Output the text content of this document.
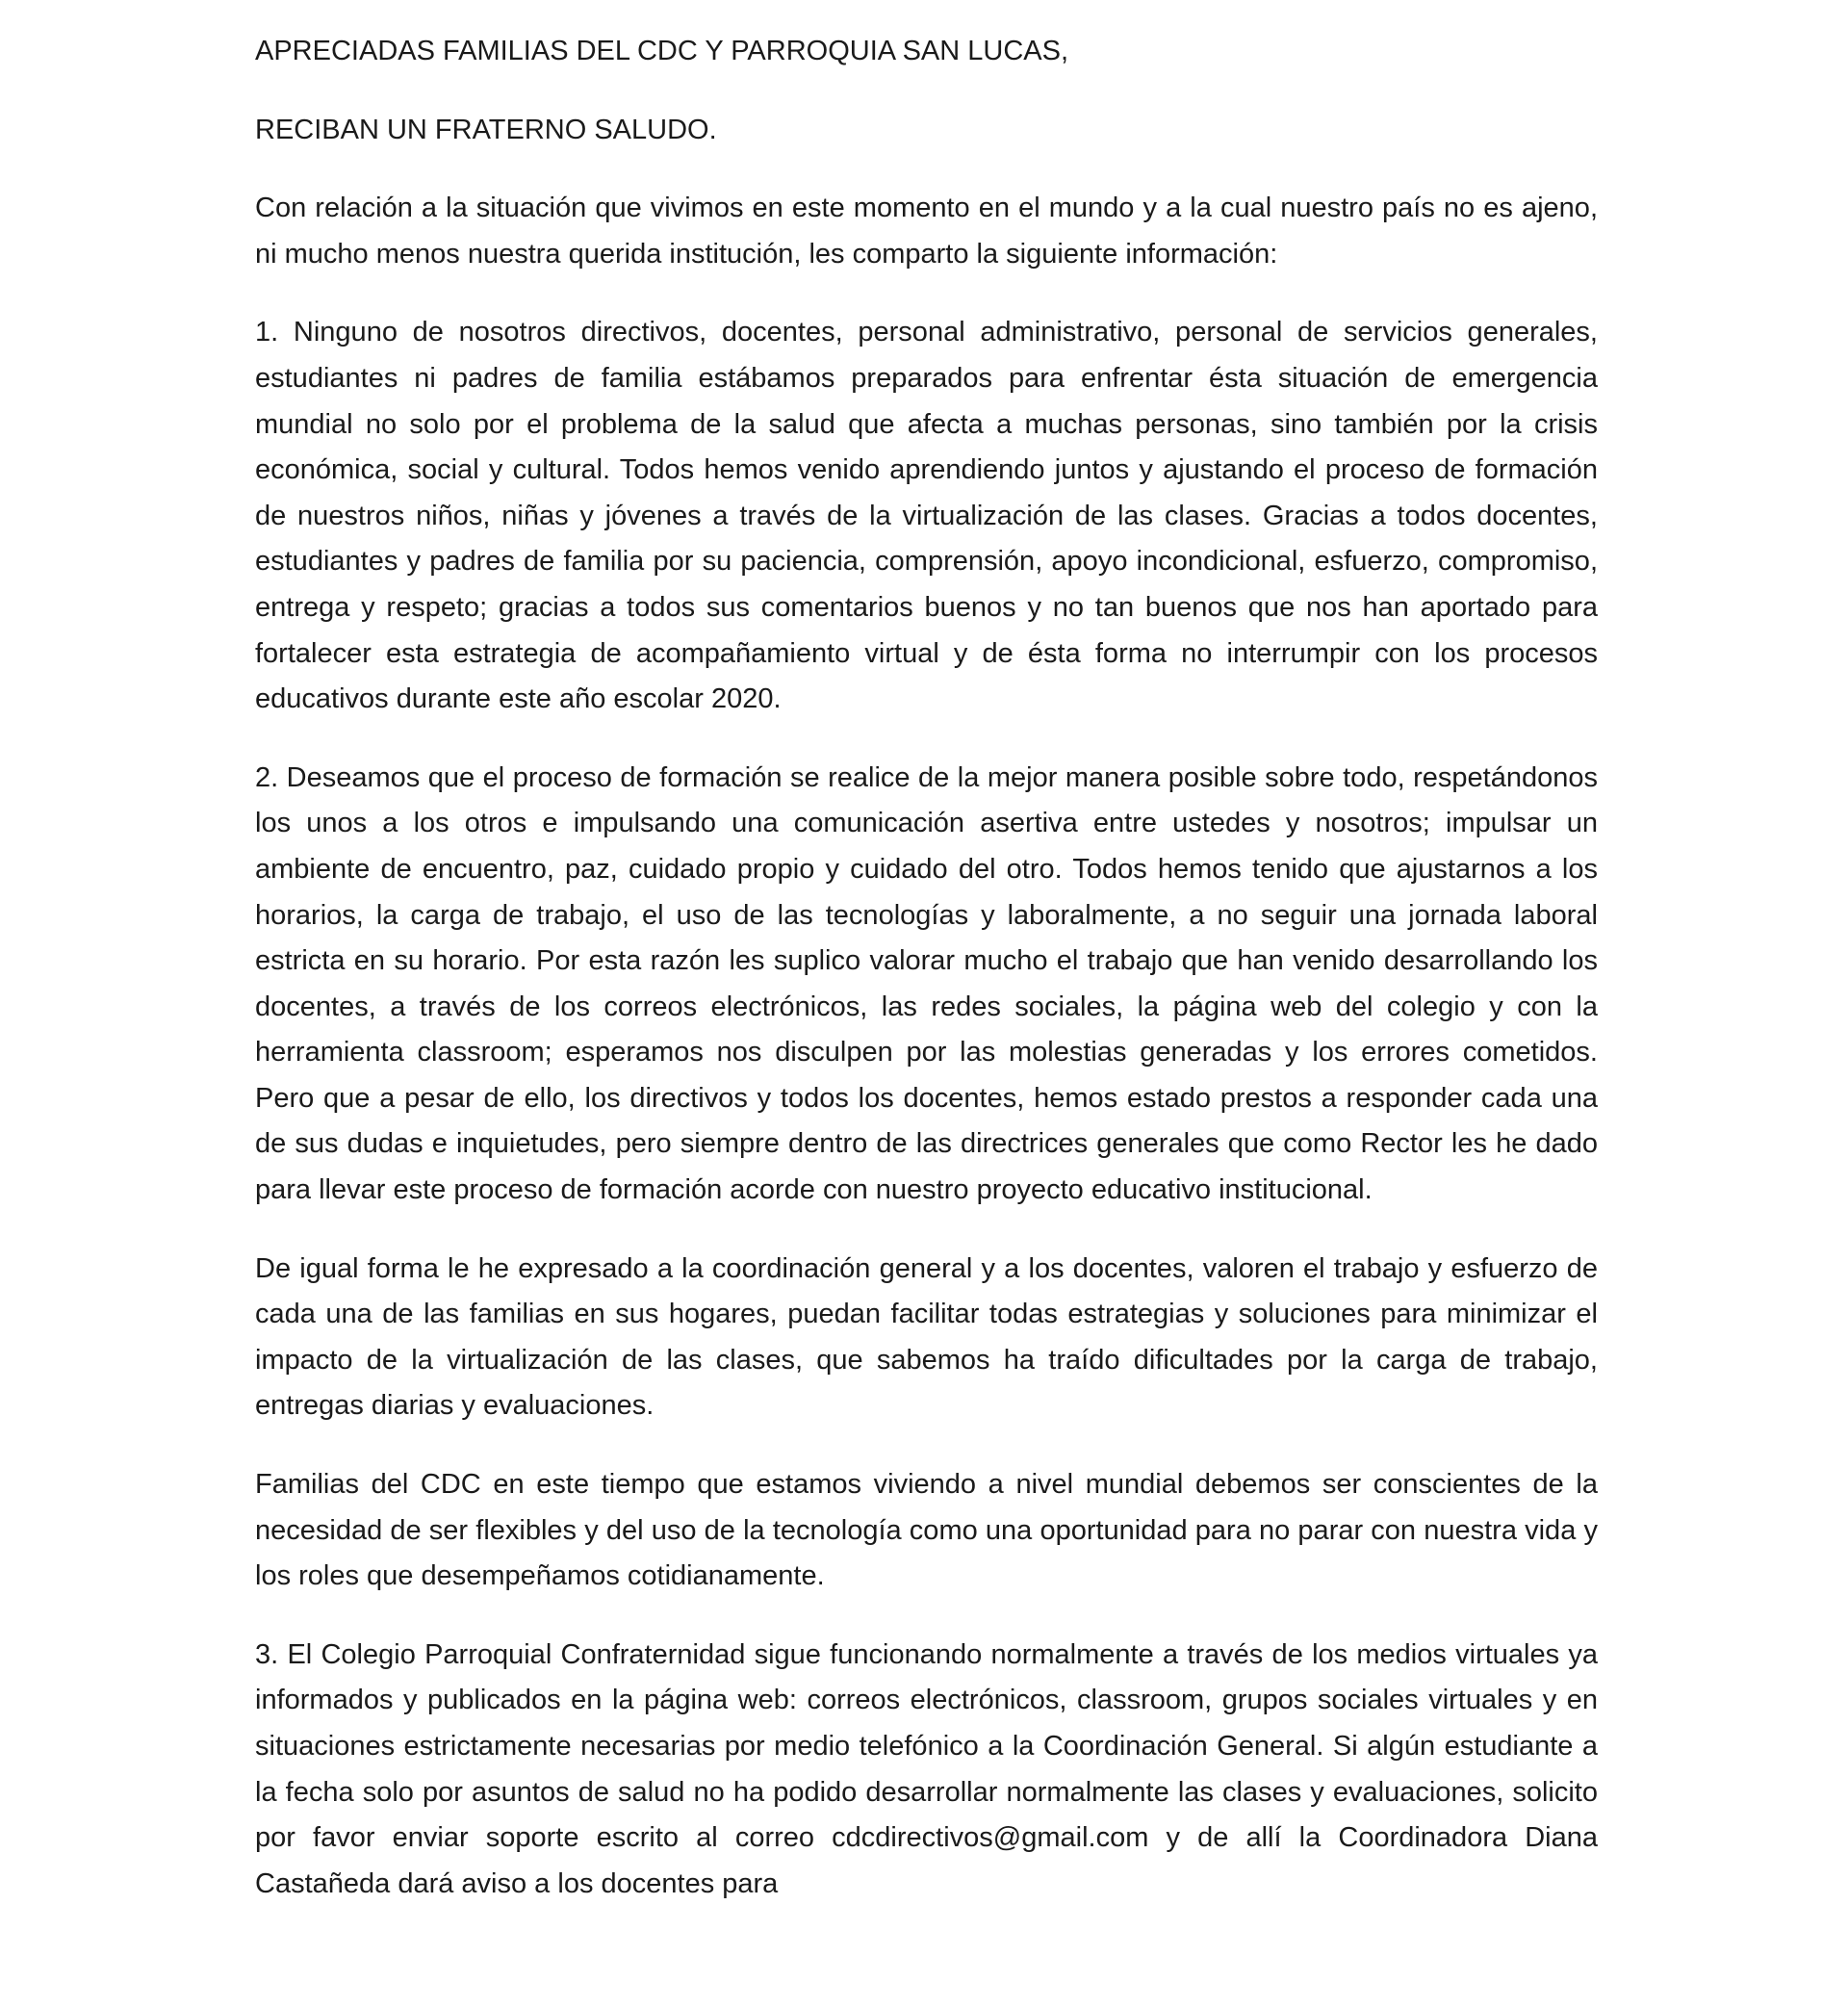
APRECIADAS FAMILIAS DEL CDC Y PARROQUIA SAN LUCAS,

RECIBAN UN FRATERNO SALUDO.

Con relación a la situación que vivimos en este momento en el mundo y a la cual nuestro país no es ajeno, ni mucho menos nuestra querida institución, les comparto la siguiente información:

1. Ninguno de nosotros directivos, docentes, personal administrativo, personal de servicios generales, estudiantes ni padres de familia estábamos preparados para enfrentar ésta situación de emergencia mundial no solo por el problema de la salud que afecta a muchas personas, sino también por la crisis económica, social y cultural. Todos hemos venido aprendiendo juntos y ajustando el proceso de formación de nuestros niños, niñas y jóvenes a través de la virtualización de las clases. Gracias a todos docentes, estudiantes y padres de familia por su paciencia, comprensión, apoyo incondicional, esfuerzo, compromiso, entrega y respeto; gracias a todos sus comentarios buenos y no tan buenos que nos han aportado para fortalecer esta estrategia de acompañamiento virtual y de ésta forma no interrumpir con los procesos educativos durante este año escolar 2020.

2. Deseamos que el proceso de formación se realice de la mejor manera posible sobre todo, respetándonos los unos a los otros e impulsando una comunicación asertiva entre ustedes y nosotros; impulsar un ambiente de encuentro, paz, cuidado propio y cuidado del otro. Todos hemos tenido que ajustarnos a los horarios, la carga de trabajo, el uso de las tecnologías y laboralmente, a no seguir una jornada laboral estricta en su horario. Por esta razón les suplico valorar mucho el trabajo que han venido desarrollando los docentes, a través de los correos electrónicos, las redes sociales, la página web del colegio y con la herramienta classroom; esperamos nos disculpen por las molestias generadas y los errores cometidos. Pero que a pesar de ello, los directivos y todos los docentes, hemos estado prestos a responder cada una de sus dudas e inquietudes, pero siempre dentro de las directrices generales que como Rector les he dado para llevar este proceso de formación acorde con nuestro proyecto educativo institucional.

De igual forma le he expresado a la coordinación general y a los docentes, valoren el trabajo y esfuerzo de cada una de las familias en sus hogares, puedan facilitar todas estrategias y soluciones para minimizar el impacto de la virtualización de las clases, que sabemos ha traído dificultades por la carga de trabajo, entregas diarias y evaluaciones.

Familias del CDC en este tiempo que estamos viviendo a nivel mundial debemos ser conscientes de la necesidad de ser flexibles y del uso de la tecnología como una oportunidad para no parar con nuestra vida y los roles que desempeñamos cotidianamente.

3. El Colegio Parroquial Confraternidad sigue funcionando normalmente a través de los medios virtuales ya informados y publicados en la página web: correos electrónicos, classroom, grupos sociales virtuales y en situaciones estrictamente necesarias por medio telefónico a la Coordinación General. Si algún estudiante a la fecha solo por asuntos de salud no ha podido desarrollar normalmente las clases y evaluaciones, solicito por favor enviar soporte escrito al correo cdcdirectivos@gmail.com y de allí la Coordinadora Diana Castañeda dará aviso a los docentes para
